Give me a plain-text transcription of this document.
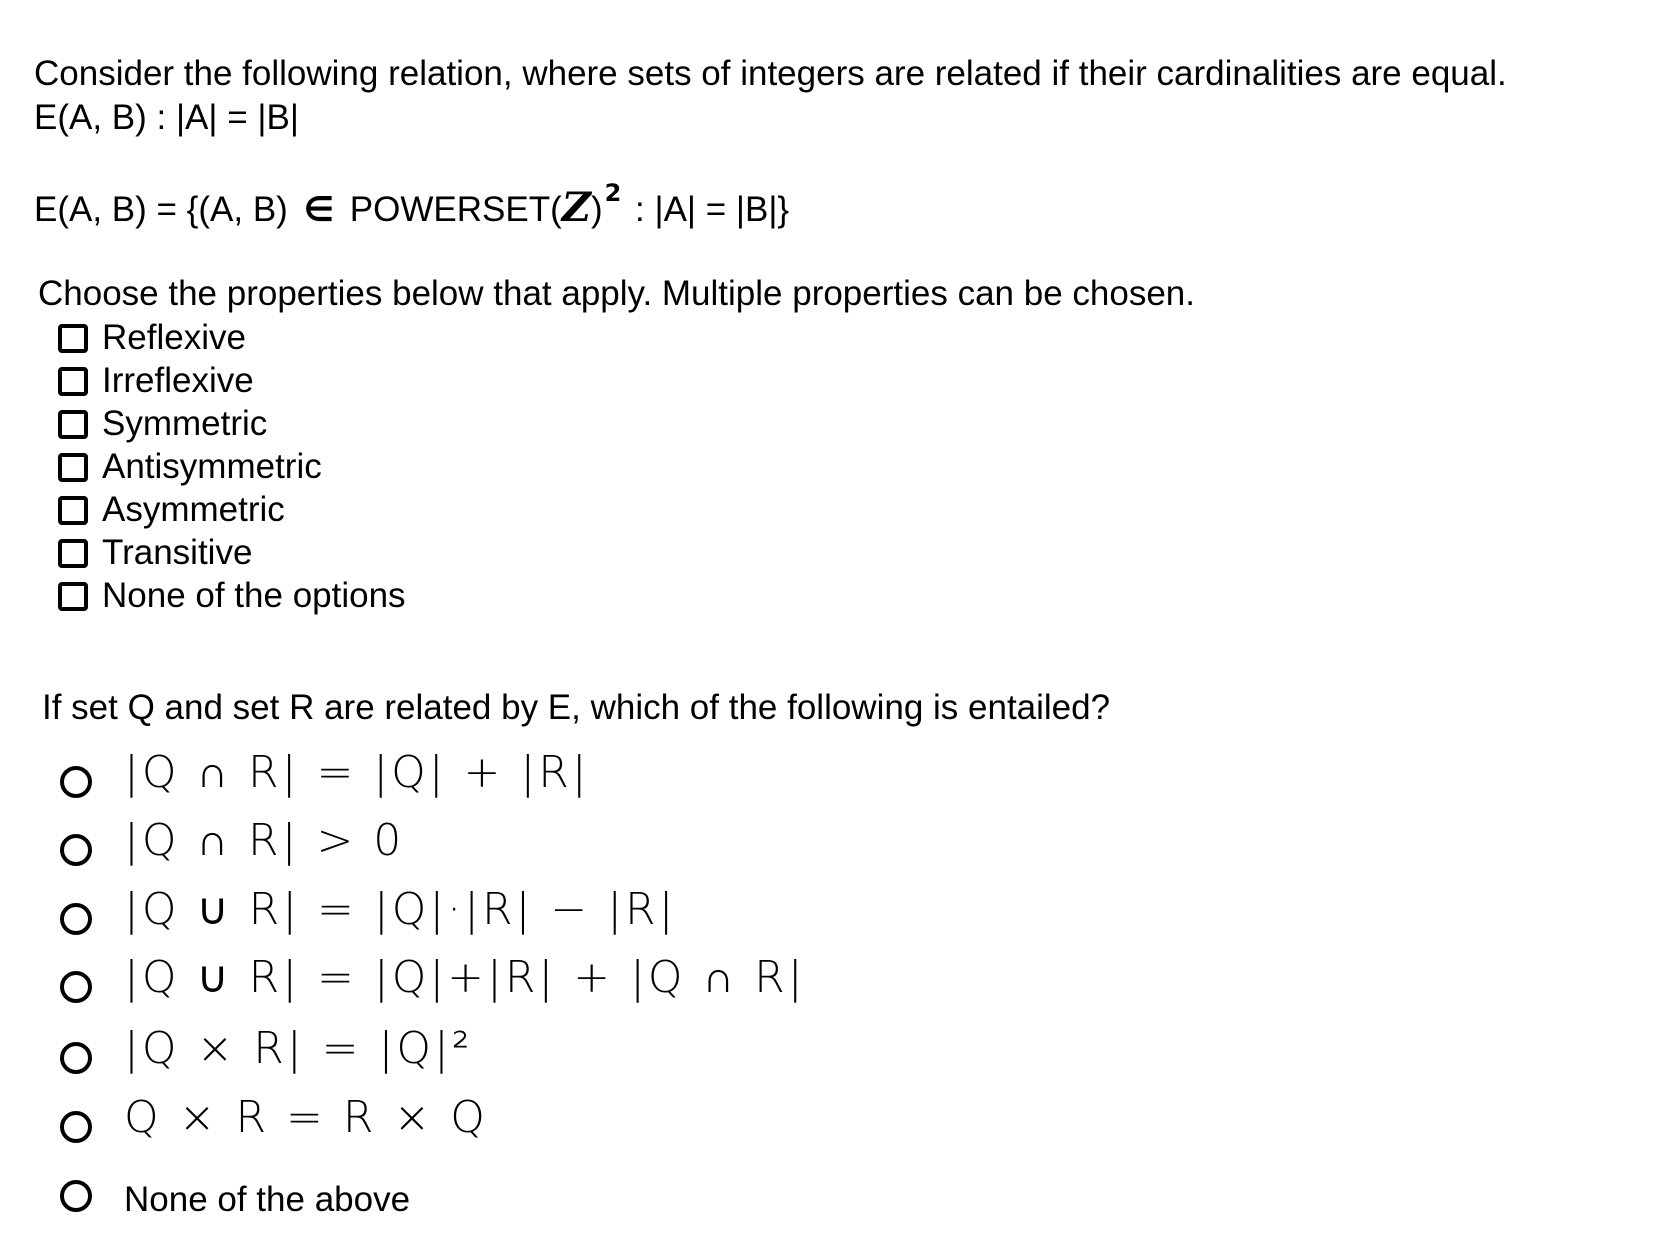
Consider the following relation, where sets of integers are related if their cardinalities are equal.
E(A, B) : |A| = |B|
E(A, B) = {(A, B) ∈ $POWERSET(Z)^2$ : |A| = |B|}
Choose the properties below that apply. Multiple properties can be chosen.
Reflexive
Irreflexive
Symmetric
Antisymmetric
Asymmetric
Transitive
None of the options
If set Q and set R are related by E, which of the following is entailed?
|Q ∩ R| = |Q| + |R|
|Q ∩ R| > 0
|Q ∪ R| = |Q|·|R| − |R|
|Q ∪ R| = |Q|+|R| + |Q ∩ R|
|Q × R| = |Q|²
Q × R = R × Q
None of the above
